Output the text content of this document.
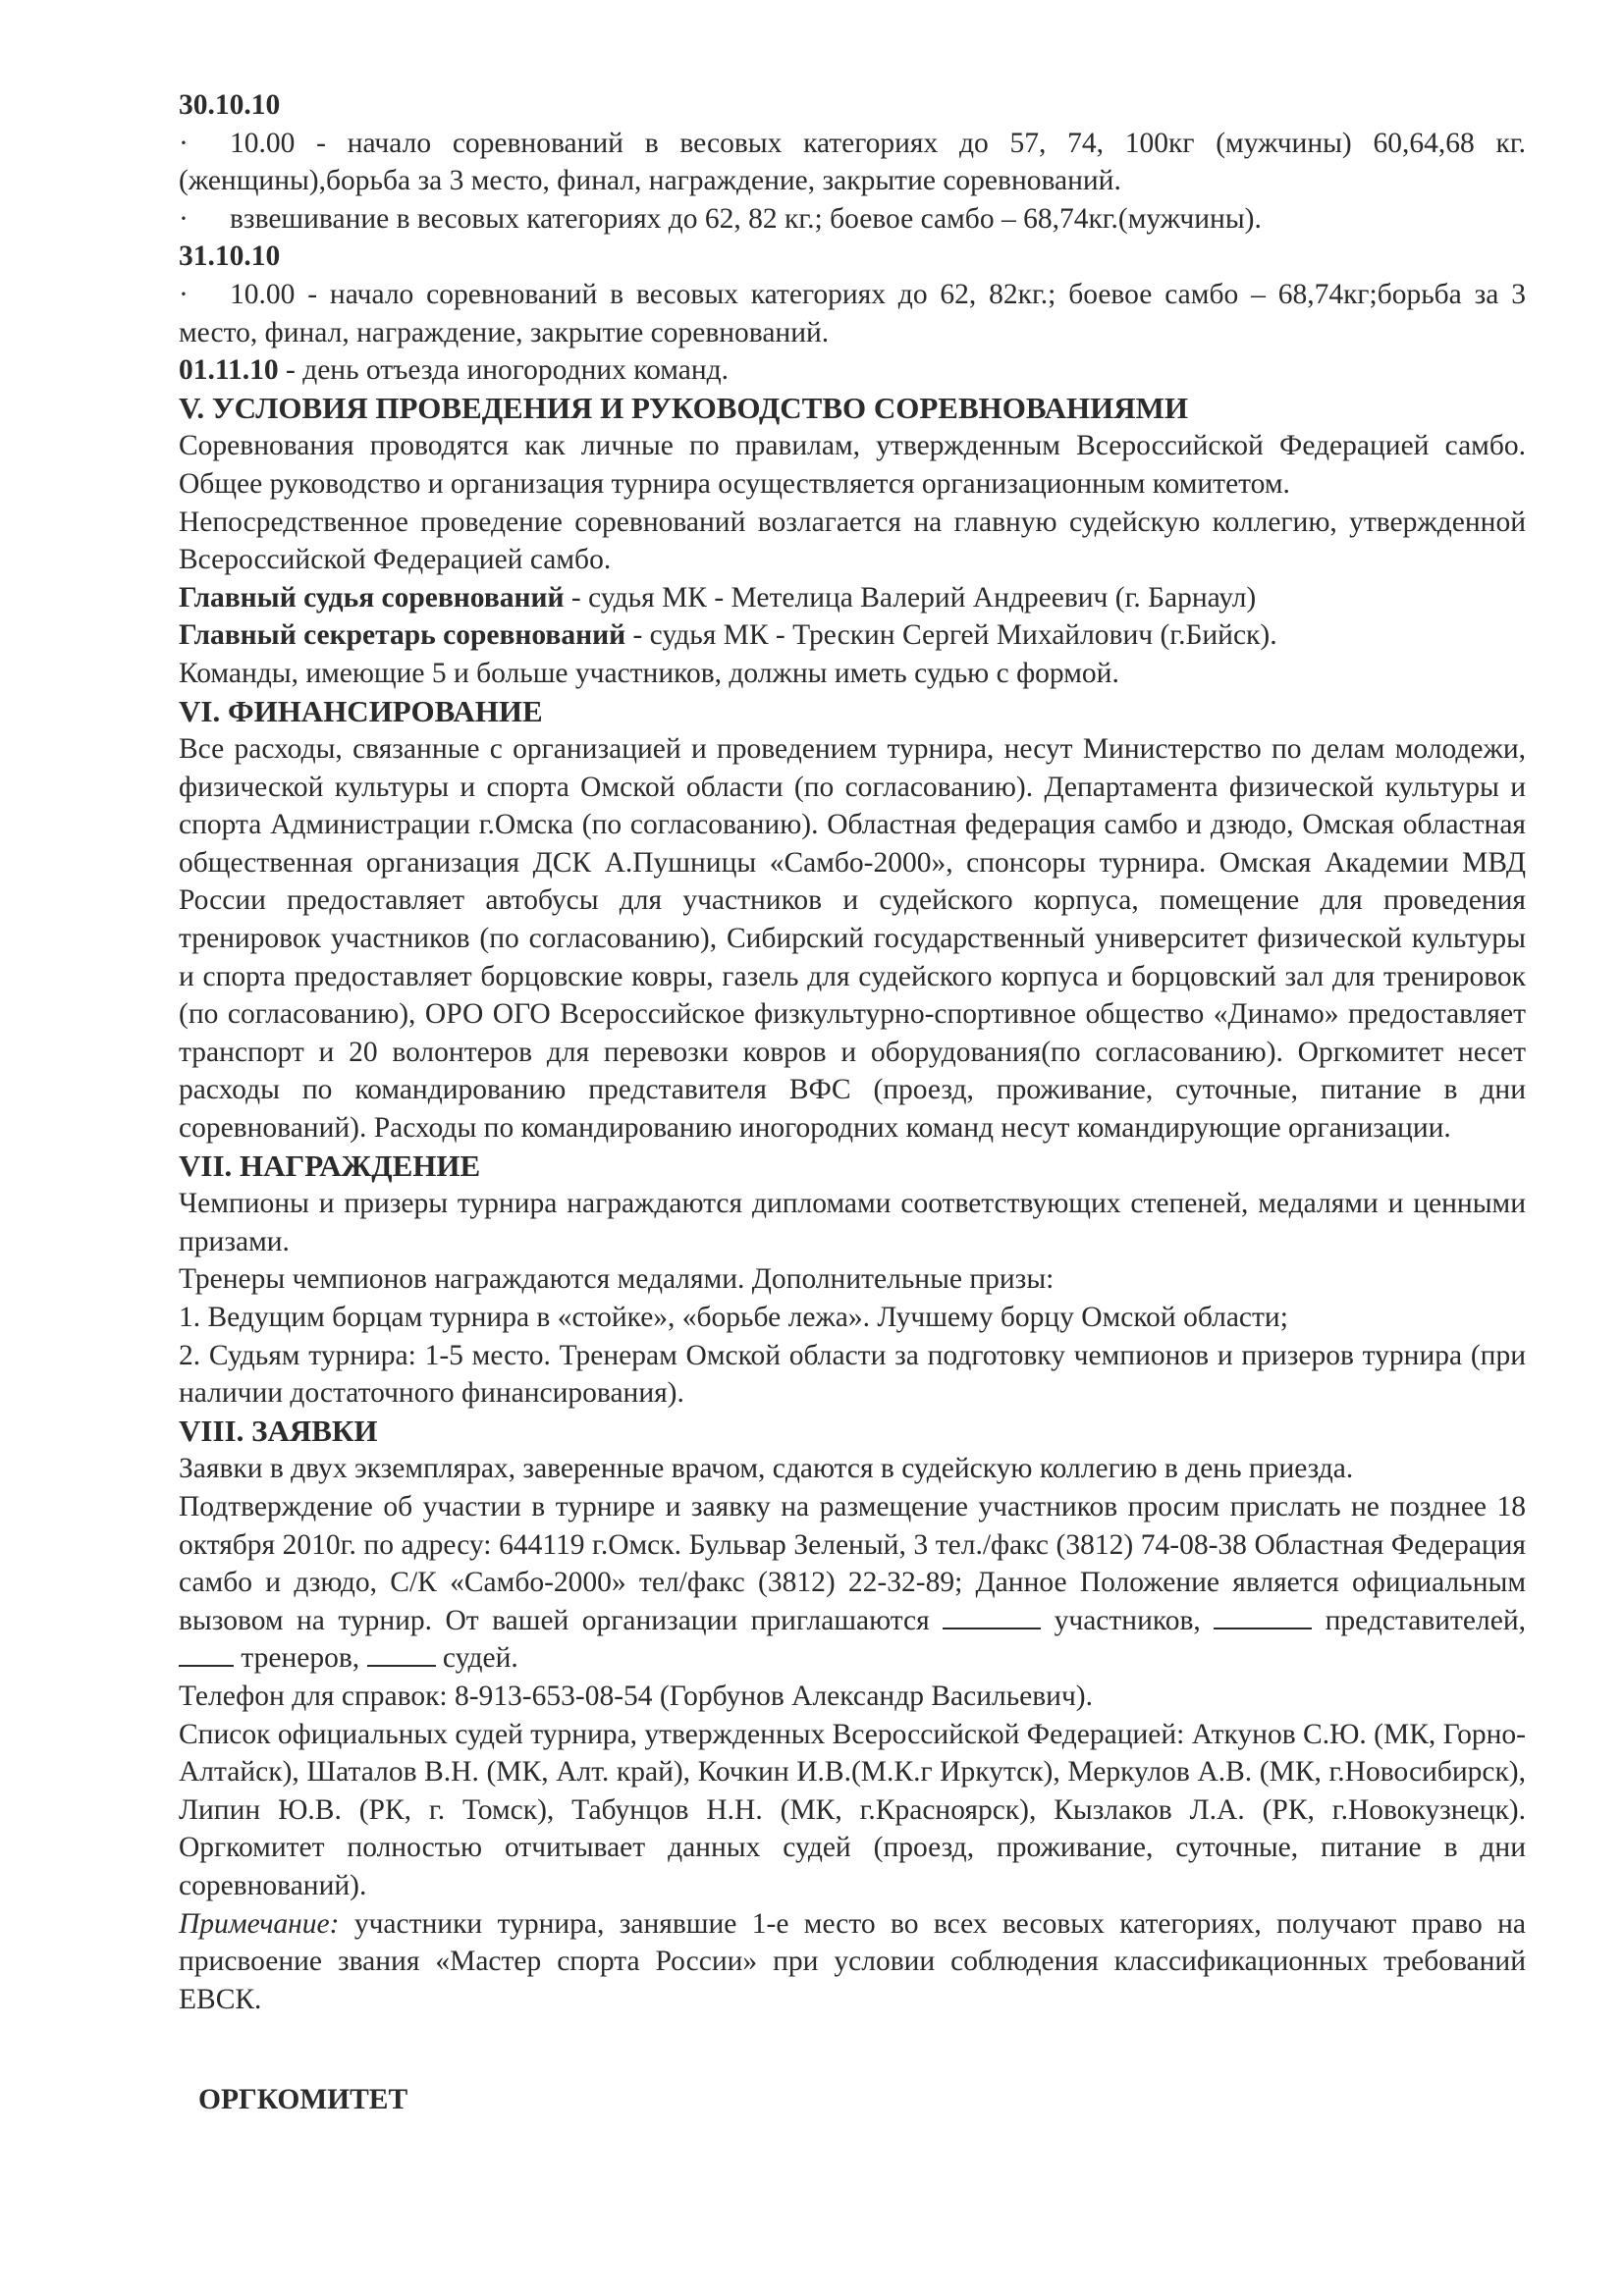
30.10.10

· 10.00 - начало соревнований в весовых категориях до 57, 74, 100кг (мужчины) 60,64,68 кг.(женщины),борьба за 3 место, финал, награждение, закрытие соревнований.

· взвешивание в весовых категориях до 62, 82 кг.; боевое самбо – 68,74кг.(мужчины).

31.10.10

· 10.00 - начало соревнований в весовых категориях до 62, 82кг.; боевое самбо – 68,74кг;борьба за 3 место, финал, награждение, закрытие соревнований.

01.11.10 - день отъезда иногородних команд.

V. УСЛОВИЯ ПРОВЕДЕНИЯ И РУКОВОДСТВО СОРЕВНОВАНИЯМИ

Соревнования проводятся как личные по правилам, утвержденным Всероссийской Федерацией самбо. Общее руководство и организация турнира осуществляется организационным комитетом.

Непосредственное проведение соревнований возлагается на главную судейскую коллегию, утвержденной Всероссийской Федерацией самбо.

Главный судья соревнований - судья МК - Метелица Валерий Андреевич (г. Барнаул)

Главный секретарь соревнований - судья МК - Трескин Сергей Михайлович (г.Бийск).

Команды, имеющие 5 и больше участников, должны иметь судью с формой.

VI. ФИНАНСИРОВАНИЕ

Все расходы, связанные с организацией и проведением турнира, несут Министерство по делам молодежи, физической культуры и спорта Омской области (по согласованию). Департамента физической культуры и спорта Администрации г.Омска (по согласованию). Областная федерация самбо и дзюдо, Омская областная общественная организация ДСК А.Пушницы «Самбо-2000», спонсоры турнира. Омская Академии МВД России предоставляет автобусы для участников и судейского корпуса, помещение для проведения тренировок участников (по согласованию), Сибирский государственный университет физической культуры и спорта предоставляет борцовские ковры, газель для судейского корпуса и борцовский зал для тренировок (по согласованию), ОРО ОГО Всероссийское физкультурно-спортивное общество «Динамо» предоставляет транспорт и 20 волонтеров для перевозки ковров и оборудования(по согласованию). Оргкомитет несет расходы по командированию представителя ВФС (проезд, проживание, суточные, питание в дни соревнований). Расходы по командированию иногородних команд несут командирующие организации.

VII. НАГРАЖДЕНИЕ

Чемпионы и призеры турнира награждаются дипломами соответствующих степеней, медалями и ценными призами.

Тренеры чемпионов награждаются медалями. Дополнительные призы:

1. Ведущим борцам турнира в «стойке», «борьбе лежа». Лучшему борцу Омской области;

2. Судьям турнира: 1-5 место. Тренерам Омской области за подготовку чемпионов и призеров турнира (при наличии достаточного финансирования).

VIII. ЗАЯВКИ

Заявки в двух экземплярах, заверенные врачом, сдаются в судейскую коллегию в день приезда.

Подтверждение об участии в турнире и заявку на размещение участников просим прислать не позднее 18 октября 2010г. по адресу: 644119 г.Омск. Бульвар Зеленый, 3 тел./факс (3812) 74-08-38 Областная Федерация самбо и дзюдо, С/К «Самбо-2000» тел/факс (3812) 22-32-89; Данное Положение является официальным вызовом на турнир. От вашей организации приглашаются	участников,	представителей,  тренеров,  судей.

Телефон для справок: 8-913-653-08-54 (Горбунов Александр Васильевич).

Список официальных судей турнира, утвержденных Всероссийской Федерацией: Аткунов С.Ю. (МК, Горно-Алтайск), Шаталов В.Н. (МК, Алт. край), Кочкин И.В.(М.К.г Иркутск), Меркулов А.В. (МК, г.Новосибирск), Липин Ю.В. (РК, г. Томск), Табунцов Н.Н. (МК, г.Красноярск), Кызлаков Л.А. (РК, г.Новокузнецк). Оргкомитет полностью отчитывает данных судей (проезд, проживание, суточные, питание в дни соревнований).

Примечание: участники турнира, занявшие 1-е место во всех весовых категориях, получают право на присвоение звания «Мастер спорта России» при условии соблюдения классификационных требований ЕВСК.

ОРГКОМИТЕТ
